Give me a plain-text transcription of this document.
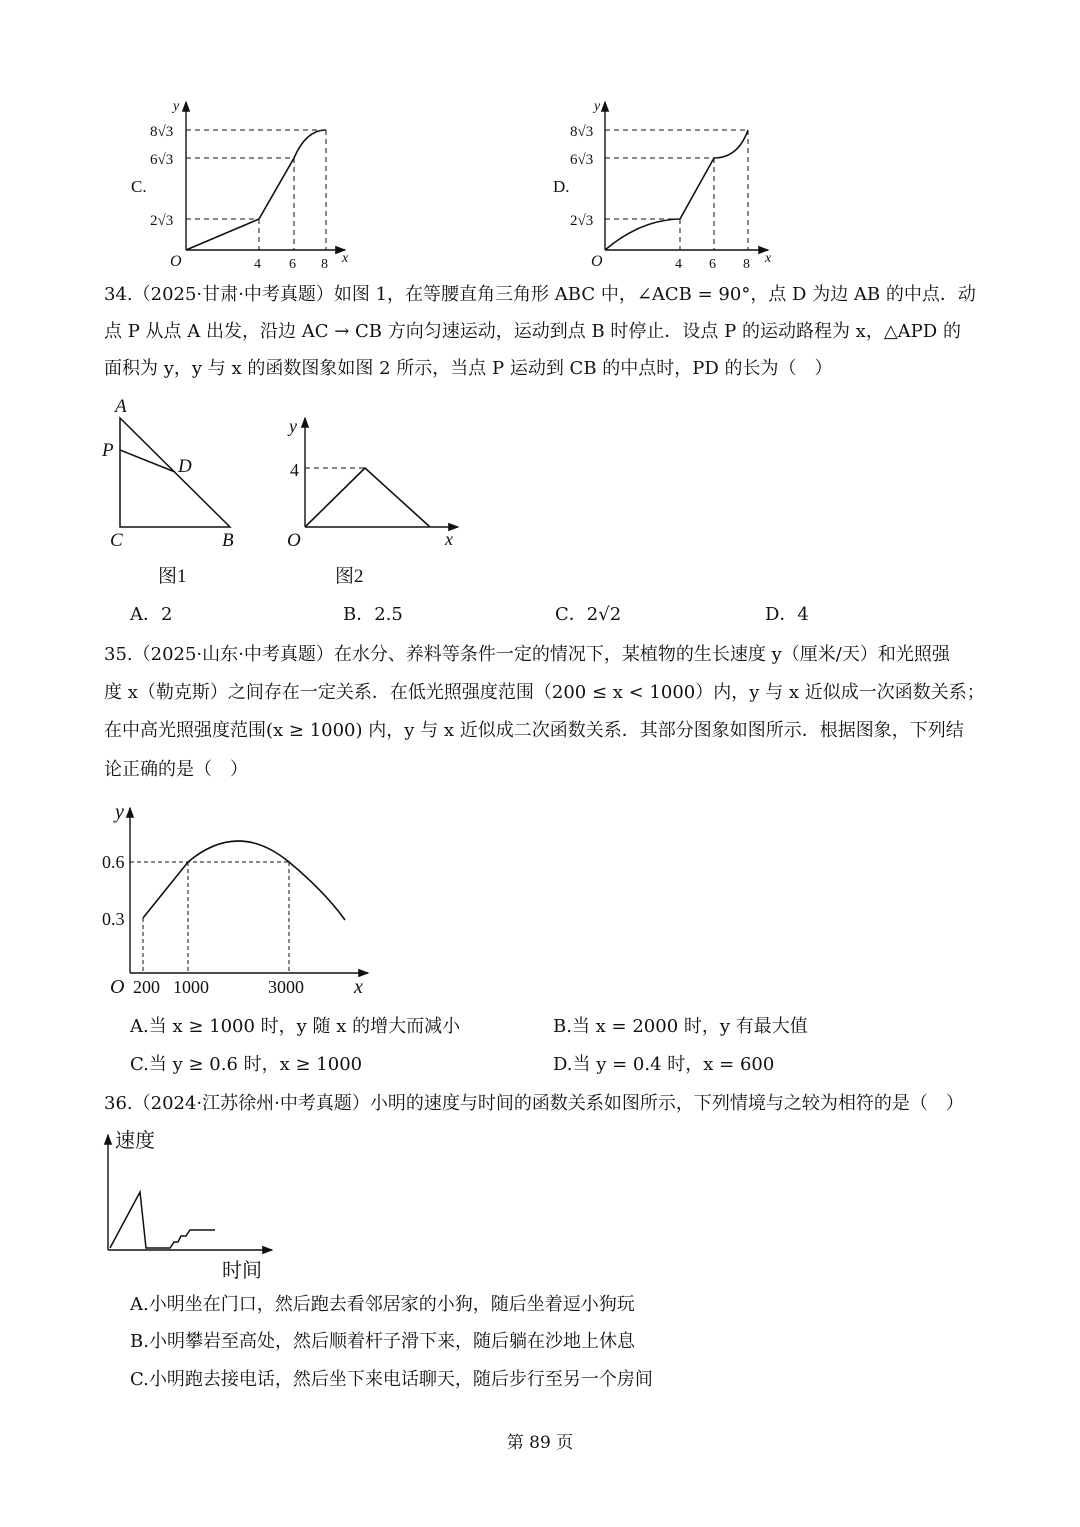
C.
y
O	x
4 6 8
2√3
6√3
8√3
D.
y
O	x
4 6 8
2√3
6√3
8√3
A
P
D
C	B
图1
y
4
O	x
图2
y
0.6
0.3
O 200 1000	3000	x
速度
时间
34.（2025·甘肃·中考真题）如图 1，在等腰直角三角形 ABC 中，∠ACB = 90°，点 D 为边 AB 的中点．动
点 P 从点 A 出发，沿边 AC → CB 方向匀速运动，运动到点 B 时停止．设点 P 的运动路程为 x，△APD 的
面积为 y，y 与 x 的函数图象如图 2 所示，当点 P 运动到 CB 的中点时，PD 的长为（　）
A．2	B．2.5	C．2√2	D．4
35.（2025·山东·中考真题）在水分、养料等条件一定的情况下，某植物的生长速度 y（厘米/天）和光照强
度 x（勒克斯）之间存在一定关系．在低光照强度范围（200 ≤ x < 1000）内，y 与 x 近似成一次函数关系；
在中高光照强度范围(x ≥ 1000) 内，y 与 x 近似成二次函数关系．其部分图象如图所示．根据图象，下列结
论正确的是（　）
A.当 x ≥ 1000 时，y 随 x 的增大而减小	B.当 x = 2000 时，y 有最大值
C.当 y ≥ 0.6 时，x ≥ 1000	D.当 y = 0.4 时，x = 600
36.（2024·江苏徐州·中考真题）小明的速度与时间的函数关系如图所示，下列情境与之较为相符的是（　）
A.小明坐在门口，然后跑去看邻居家的小狗，随后坐着逗小狗玩
B.小明攀岩至高处，然后顺着杆子滑下来，随后躺在沙地上休息
C.小明跑去接电话，然后坐下来电话聊天，随后步行至另一个房间
第 89 页
